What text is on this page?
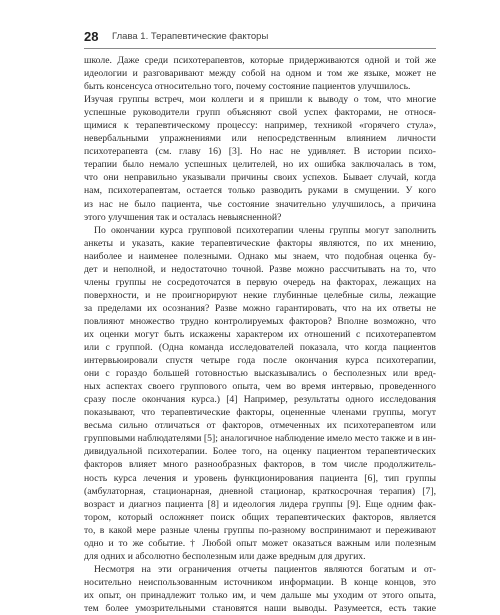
28 Глава 1. Терапевтические факторы
школе. Даже среди психотерапевтов, которые придерживаются одной и той же
идеологии и разговаривают между собой на одном и том же языке, может не
быть консенсуса относительно того, почему состояние пациентов улучшилось.
Изучая группы встреч, мои коллеги и я пришли к выводу о том, что многие
успешные руководители групп объясняют свой успех факторами, не относя-
щимися к терапевтическому процессу: например, техникой «горячего стула»,
невербальными упражнениями или непосредственным влиянием личности
психотерапевта (см. главу 16) [3]. Но нас не удивляет. В истории психо-
терапии было немало успешных целителей, но их ошибка заключалась в том,
что они неправильно указывали причины своих успехов. Бывает случай, когда
нам, психотерапевтам, остается только разводить руками в смущении. У кого
из нас не было пациента, чье состояние значительно улучшилось, а причина
этого улучшения так и осталась невыясненной?
По окончании курса групповой психотерапии члены группы могут заполнить
анкеты и указать, какие терапевтические факторы являются, по их мнению,
наиболее и наименее полезными. Однако мы знаем, что подобная оценка бу-
дет и неполной, и недостаточно точной. Разве можно рассчитывать на то, что
члены группы не сосредоточатся в первую очередь на факторах, лежащих на
поверхности, и не проигнорируют некие глубинные целебные силы, лежащие
за пределами их осознания? Разве можно гарантировать, что на их ответы не
повлияют множество трудно контролируемых факторов? Вполне возможно, что
их оценки могут быть искажены характером их отношений с психотерапевтом
или с группой. (Одна команда исследователей показала, что когда пациентов
интервьюировали спустя четыре года после окончания курса психотерапии,
они с гораздо большей готовностью высказывались о бесполезных или вред-
ных аспектах своего группового опыта, чем во время интервью, проведенного
сразу после окончания курса.) [4] Например, результаты одного исследования
показывают, что терапевтические факторы, оцененные членами группы, могут
весьма сильно отличаться от факторов, отмеченных их психотерапевтом или
групповыми наблюдателями [5]; аналогичное наблюдение имело место также и в ин-
дивидуальной психотерапии. Более того, на оценку пациентом терапевтических
факторов влияет много разнообразных факторов, в том числе продолжитель-
ность курса лечения и уровень функционирования пациента [6], тип группы
(амбулаторная, стационарная, дневной стационар, краткосрочная терапия) [7],
возраст и диагноз пациента [8] и идеология лидера группы [9]. Еще одним фак-
тором, который осложняет поиск общих терапевтических факторов, является
то, в какой мере разные члены группы по-разному воспринимают и переживают
одно и то же событие. † Любой опыт может оказаться важным или полезным
для одних и абсолютно бесполезным или даже вредным для других.
Несмотря на эти ограничения отчеты пациентов являются богатым и от-
носительно неиспользованным источником информации. В конце концов, это
их опыт, он принадлежит только им, и чем дальше мы уходим от этого опыта,
тем более умозрительными становятся наши выводы. Разумеется, есть такие
